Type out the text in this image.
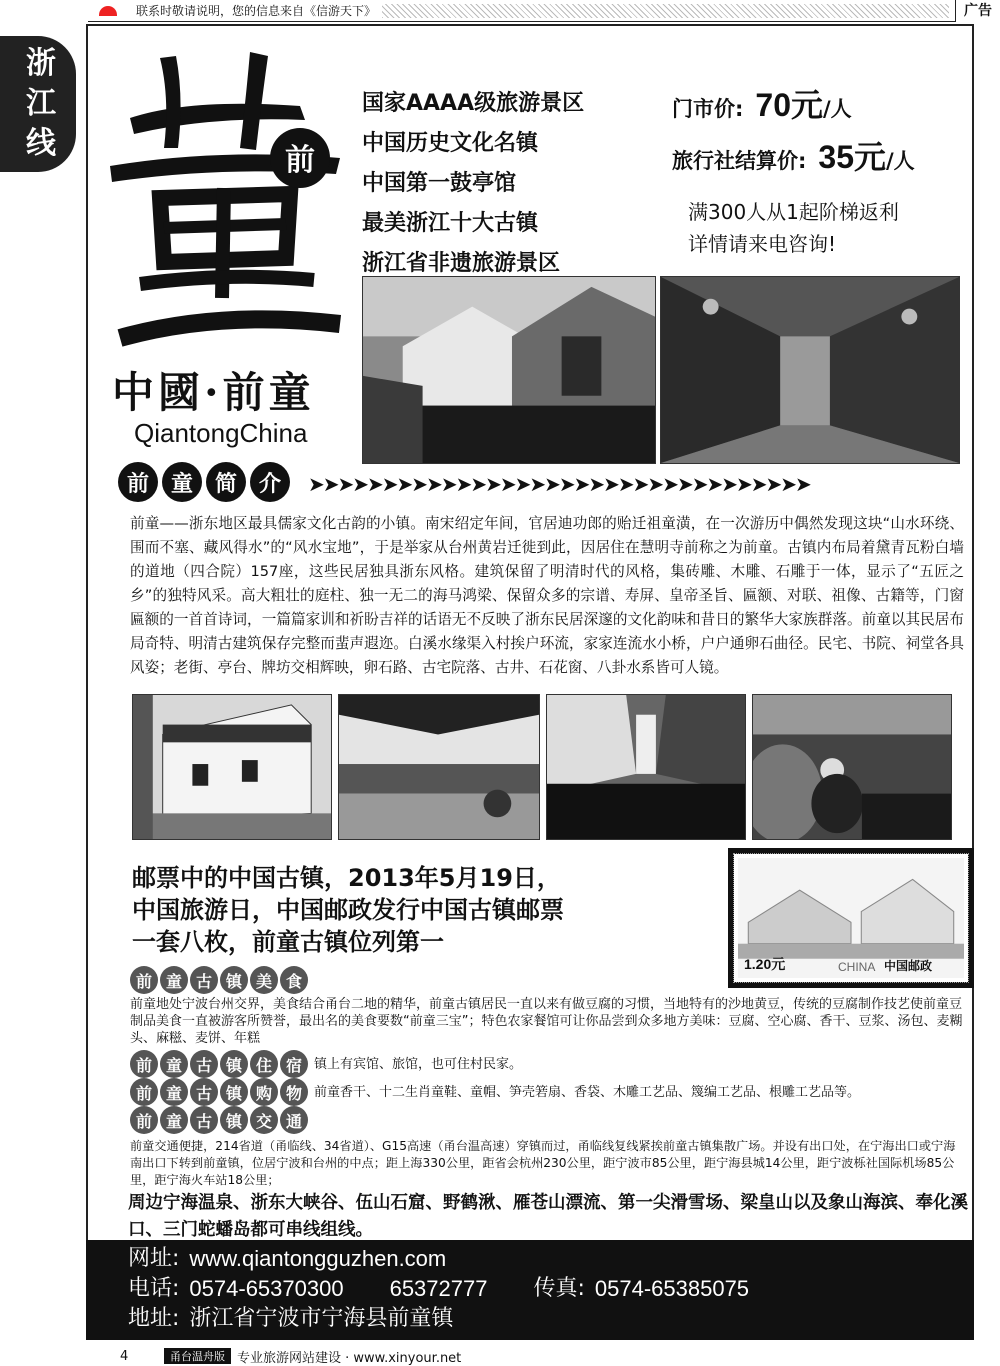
联系时敬请说明，您的信息来自《信游天下》	广告
浙
江
线	前
中國·前童
QiantongChina
国家AAAA级旅游景区
中国历史文化名镇
中国第一鼓亭馆
最美浙江十大古镇
浙江省非遗旅游景区
门市价: 70元 /人
旅行社结算价: 35元 /人
满300人从1起阶梯返利
详情请来电咨询!
前 童 简 介	➤➤➤➤➤➤➤➤➤➤➤➤➤➤➤➤➤➤➤➤➤➤➤➤➤➤➤➤➤➤➤➤➤➤
前童——浙东地区最具儒家文化古韵的小镇。南宋绍定年间，官居迪功郎的贻迁祖童潢，在一次游历中偶然发现这块“山水环绕、围而不塞、藏风得水”的“风水宝地”，于是举家从台州黄岩迁徙到此，因居住在慧明寺前称之为前童。古镇内布局着黛青瓦粉白墙的道地（四合院）157座，这些民居独具浙东风格。建筑保留了明清时代的风格，集砖雕、木雕、石雕于一体，显示了“五匠之乡”的独特风采。高大粗壮的庭柱、独一无二的海马鸿梁、保留众多的宗谱、寿屏、皇帝圣旨、匾额、对联、祖像、古籍等，门窗匾额的一首首诗词，一篇篇家训和祈盼吉祥的话语无不反映了浙东民居深邃的文化韵味和昔日的繁华大家族群落。前童以其民居布局奇特、明清古建筑保存完整而蜚声遐迩。白溪水缘渠入村挨户环流，家家连流水小桥，户户通卵石曲径。民宅、书院、祠堂各具风姿；老街、亭台、牌坊交相辉映，卵石路、古宅院落、古井、石花窗、八卦水系皆可人镜。
邮票中的中国古镇，2013年5月19日，
中国旅游日，中国邮政发行中国古镇邮票
一套八枚，前童古镇位列第一
1.20元	CHINA 中国邮政
前 童 古 镇 美 食
前童地处宁波台州交界，美食结合甬台二地的精华，前童古镇居民一直以来有做豆腐的习惯，当地特有的沙地黄豆，传统的豆腐制作技艺使前童豆制品美食一直被游客所赞誉，最出名的美食要数“前童三宝”；特色农家餐馆可让你品尝到众多地方美味：豆腐、空心腐、香干、豆浆、汤包、麦糊头、麻糍、麦饼、年糕
前 童 古 镇 住 宿 镇上有宾馆、旅馆，也可住村民家。
前 童 古 镇 购 物 前童香干、十二生肖童鞋、童帽、笋壳箬扇、香袋、木雕工艺品、篾编工艺品、根雕工艺品等。
前 童 古 镇 交 通
前童交通便捷，214省道（甬临线、34省道）、G15高速（甬台温高速）穿镇而过，甬临线复线紧挨前童古镇集散广场。并设有出口处，在宁海出口或宁海南出口下转到前童镇，位居宁波和台州的中点；距上海330公里，距省会杭州230公里，距宁波市85公里，距宁海县城14公里，距宁波栎社国际机场85公里，距宁海火车站18公里；
周边宁海温泉、浙东大峡谷、伍山石窟、野鹤湫、雁苍山漂流、第一尖滑雪场、梁皇山以及象山海滨、奉化溪口、三门蛇蟠岛都可串线组线。
网址: www.qiantongguzhen.com
电话: 0574-65370300 65372777 传真: 0574-65385075
地址: 浙江省宁波市宁海县前童镇
4	甬台温舟版 专业旅游网站建设 · www.xinyour.net
